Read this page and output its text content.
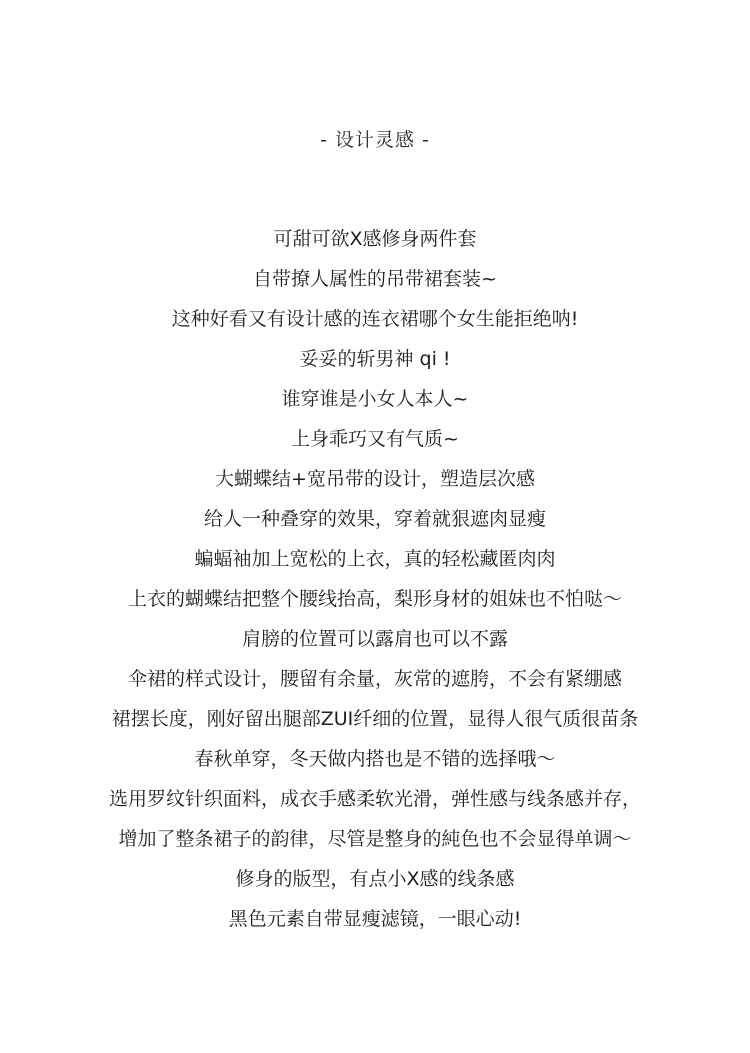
- 设计灵感 -
可甜可欲X感修身两件套
自带撩人属性的吊带裙套装~
这种好看又有设计感的连衣裙哪个女生能拒绝呐!
妥妥的斩男神 qi !
谁穿谁是小女人本人~
上身乖巧又有气质~
大蝴蝶结+宽吊带的设计，塑造层次感
给人一种叠穿的效果，穿着就狠遮肉显瘦
蝙蝠袖加上宽松的上衣，真的轻松藏匿肉肉
上衣的蝴蝶结把整个腰线抬高，梨形身材的姐妹也不怕哒～
肩膀的位置可以露肩也可以不露
伞裙的样式设计，腰留有余量，灰常的遮胯，不会有紧绷感
裙摆长度，刚好留出腿部ZUI纤细的位置，显得人很气质很苗条
春秋单穿，冬天做内搭也是不错的选择哦～
选用罗纹针织面料，成衣手感柔软光滑，弹性感与线条感并存，
增加了整条裙子的韵律，尽管是整身的純色也不会显得单调～
修身的版型，有点小X感的线条感
黑色元素自带显瘦滤镜，一眼心动!
